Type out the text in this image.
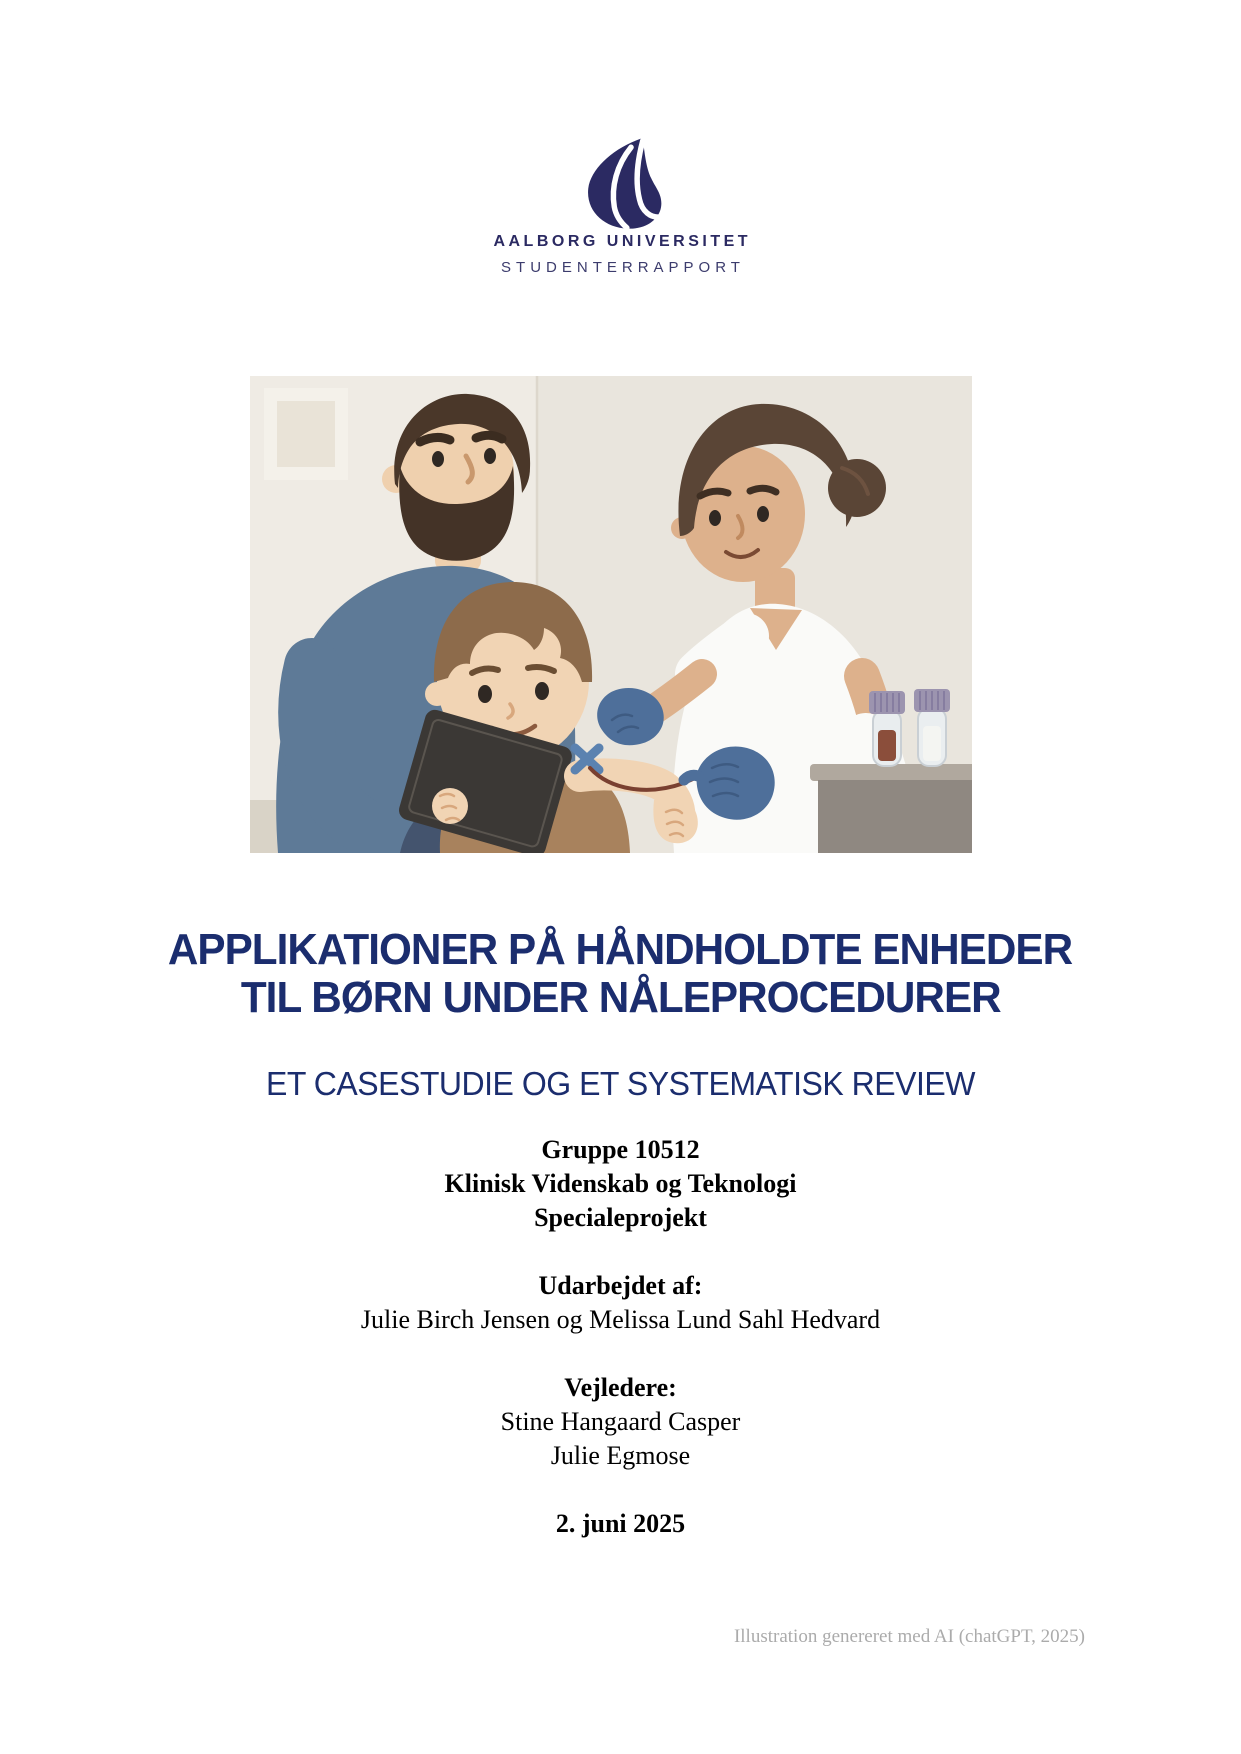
AALBORG UNIVERSITET
STUDENTERRAPPORT
APPLIKATIONER PÅ HÅNDHOLDTE ENHEDER
TIL BØRN UNDER NÅLEPROCEDURER
ET CASESTUDIE OG ET SYSTEMATISK REVIEW
Gruppe 10512
Klinisk Videnskab og Teknologi
Specialeprojekt
Udarbejdet af:
Julie Birch Jensen og Melissa Lund Sahl Hedvard
Vejledere:
Stine Hangaard Casper
Julie Egmose
2. juni 2025
Illustration genereret med AI (chatGPT, 2025)
